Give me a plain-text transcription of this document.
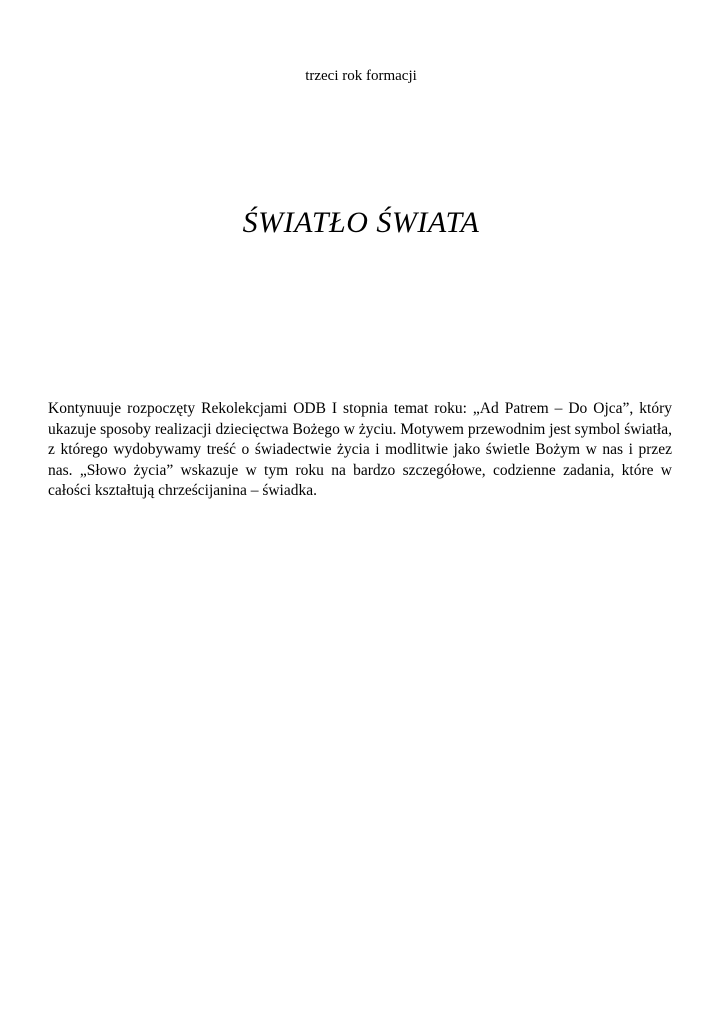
trzeci rok formacji
ŚWIATŁO ŚWIATA

Kontynuuje rozpoczęty Rekolekcjami ODB I stopnia temat roku: „Ad Patrem – Do Ojca”, który ukazuje sposoby realizacji dziecięctwa Bożego w życiu. Motywem przewodnim jest symbol światła, z którego wydobywamy treść o świadectwie życia i modlitwie jako świetle Bożym w nas i przez nas. „Słowo życia” wskazuje w tym roku na bardzo szczegółowe, codzienne zadania, które w całości kształtują chrześcijanina – świadka.
